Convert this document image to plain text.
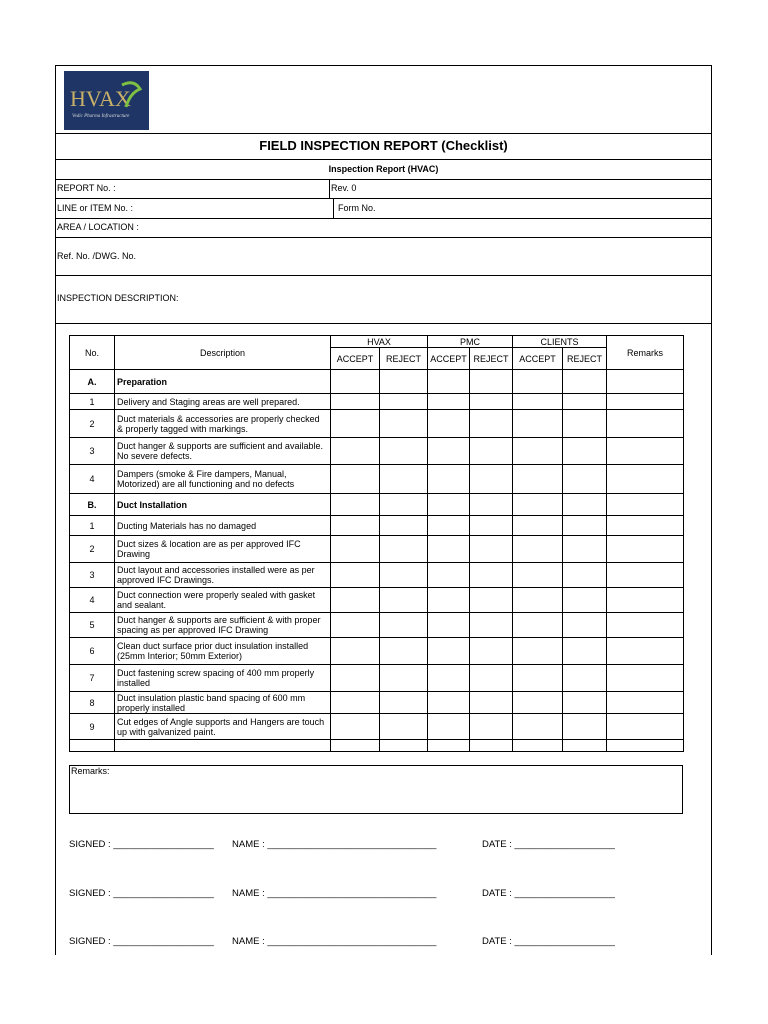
HVAX
Vedic Pharma Infrastructure
FIELD INSPECTION REPORT (Checklist)
Inspection Report (HVAC)
REPORT No. :	Rev. 0
LINE or ITEM No. :	Form No.
AREA / LOCATION :
Ref. No. /DWG. No.
INSPECTION DESCRIPTION:
No.	Description	HVAX		PMC		CLIENTS		Remarks
		ACCEPT	REJECT	ACCEPT	REJECT	ACCEPT	REJECT	
A.	Preparation							
1	Delivery and Staging areas are well prepared.							
2	Duct materials & accessories are properly checked & properly tagged with markings.							
3	Duct hanger & supports are sufficient and available. No severe defects.							
4	Dampers (smoke & Fire dampers, Manual, Motorized) are all functioning and no defects							
B.	Duct Installation							
1	Ducting Materials has no damaged							
2	Duct sizes & location are as per approved IFC Drawing							
3	Duct layout and accessories installed were as per approved IFC Drawings.							
4	Duct connection were properly sealed with gasket and sealant.							
5	Duct hanger & supports are sufficient & with proper spacing as per approved IFC Drawing							
6	Clean duct surface prior duct insulation installed (25mm Interior; 50mm Exterior)							
7	Duct fastening screw spacing of 400 mm properly installed							
8	Duct insulation plastic band spacing of 600 mm properly installed							
9	Cut edges of Angle supports and Hangers are touch up with galvanized paint.							

Remarks:
SIGNED : ___________________ NAME : ________________________________	DATE : ___________________
SIGNED : ___________________ NAME : ________________________________	DATE : ___________________
SIGNED : ___________________ NAME : ________________________________	DATE : ___________________
